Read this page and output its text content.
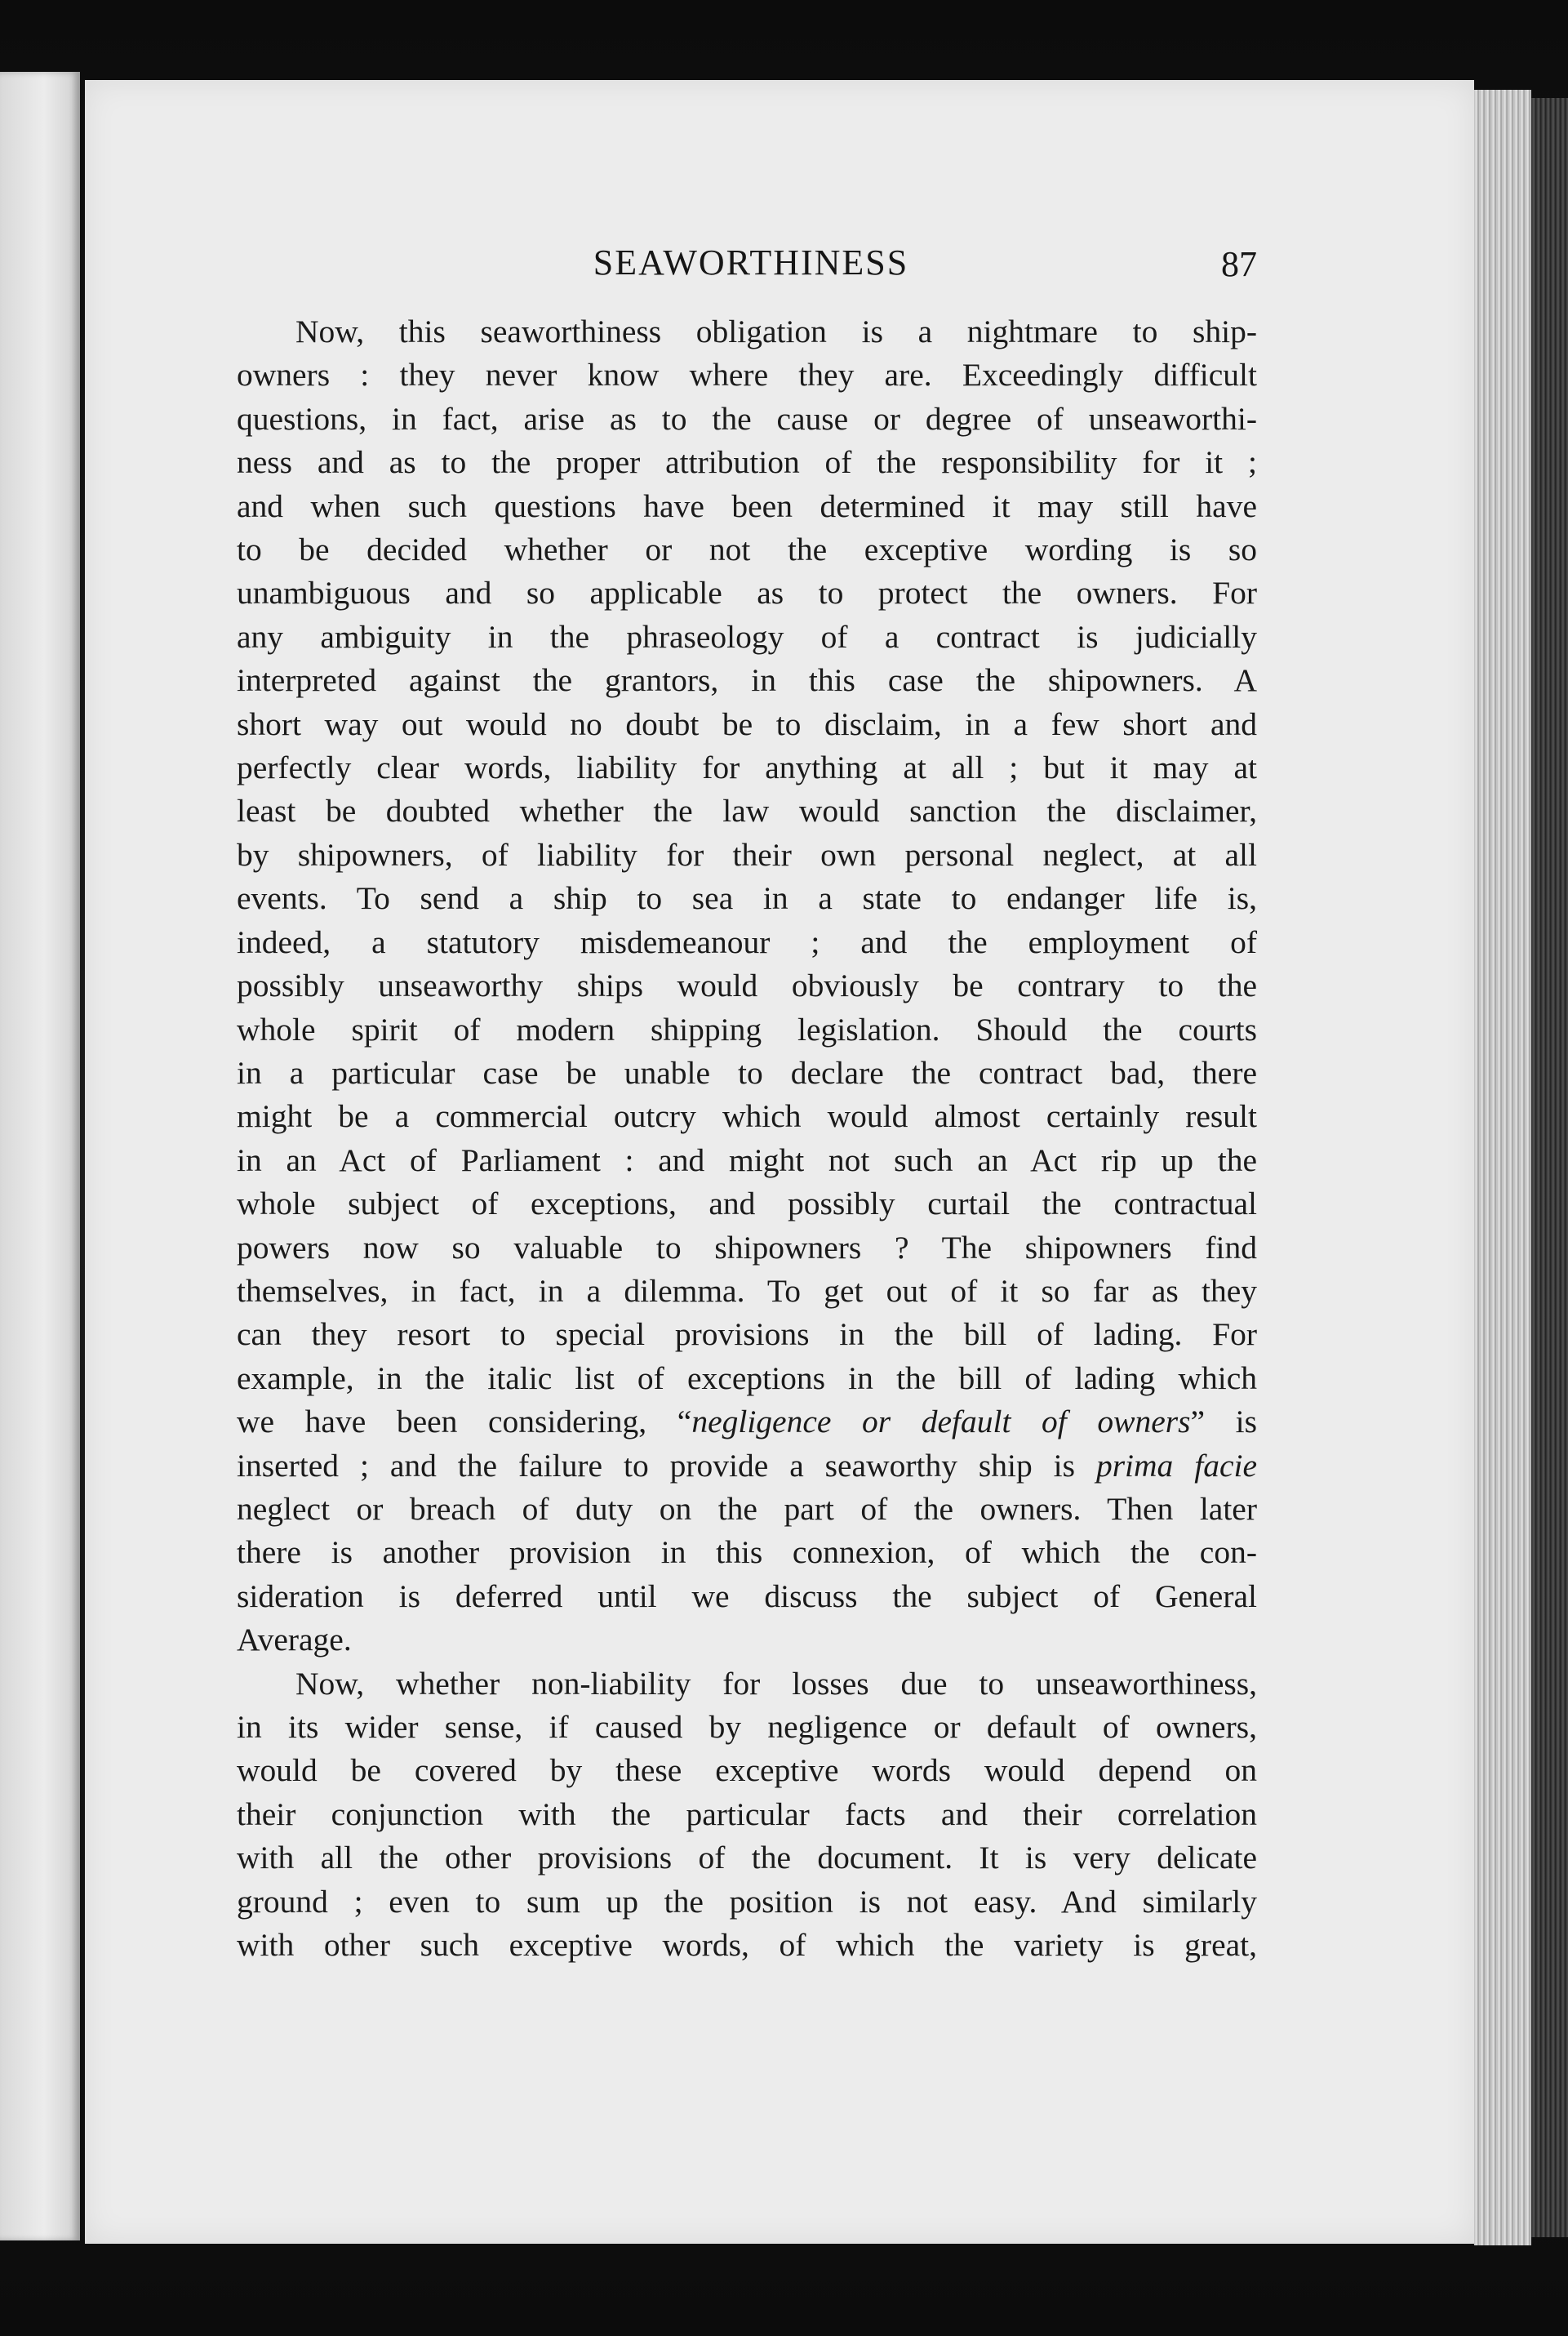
SEAWORTHINESS	87
Now, this seaworthiness obligation is a nightmare to ship-
owners : they never know where they are. Exceedingly difficult
questions, in fact, arise as to the cause or degree of unseaworthi-
ness and as to the proper attribution of the responsibility for it ;
and when such questions have been determined it may still have
to be decided whether or not the exceptive wording is so
unambiguous and so applicable as to protect the owners. For
any ambiguity in the phraseology of a contract is judicially
interpreted against the grantors, in this case the shipowners. A
short way out would no doubt be to disclaim, in a few short and
perfectly clear words, liability for anything at all ; but it may at
least be doubted whether the law would sanction the disclaimer,
by shipowners, of liability for their own personal neglect, at all
events. To send a ship to sea in a state to endanger life is,
indeed, a statutory misdemeanour ; and the employment of
possibly unseaworthy ships would obviously be contrary to the
whole spirit of modern shipping legislation. Should the courts
in a particular case be unable to declare the contract bad, there
might be a commercial outcry which would almost certainly result
in an Act of Parliament : and might not such an Act rip up the
whole subject of exceptions, and possibly curtail the contractual
powers now so valuable to shipowners ? The shipowners find
themselves, in fact, in a dilemma. To get out of it so far as they
can they resort to special provisions in the bill of lading. For
example, in the italic list of exceptions in the bill of lading which
we have been considering, “negligence or default of owners” is
inserted ; and the failure to provide a seaworthy ship is prima facie
neglect or breach of duty on the part of the owners. Then later
there is another provision in this connexion, of which the con-
sideration is deferred until we discuss the subject of General
Average.
Now, whether non-liability for losses due to unseaworthiness,
in its wider sense, if caused by negligence or default of owners,
would be covered by these exceptive words would depend on
their conjunction with the particular facts and their correlation
with all the other provisions of the document. It is very delicate
ground ; even to sum up the position is not easy. And similarly
with other such exceptive words, of which the variety is great,
